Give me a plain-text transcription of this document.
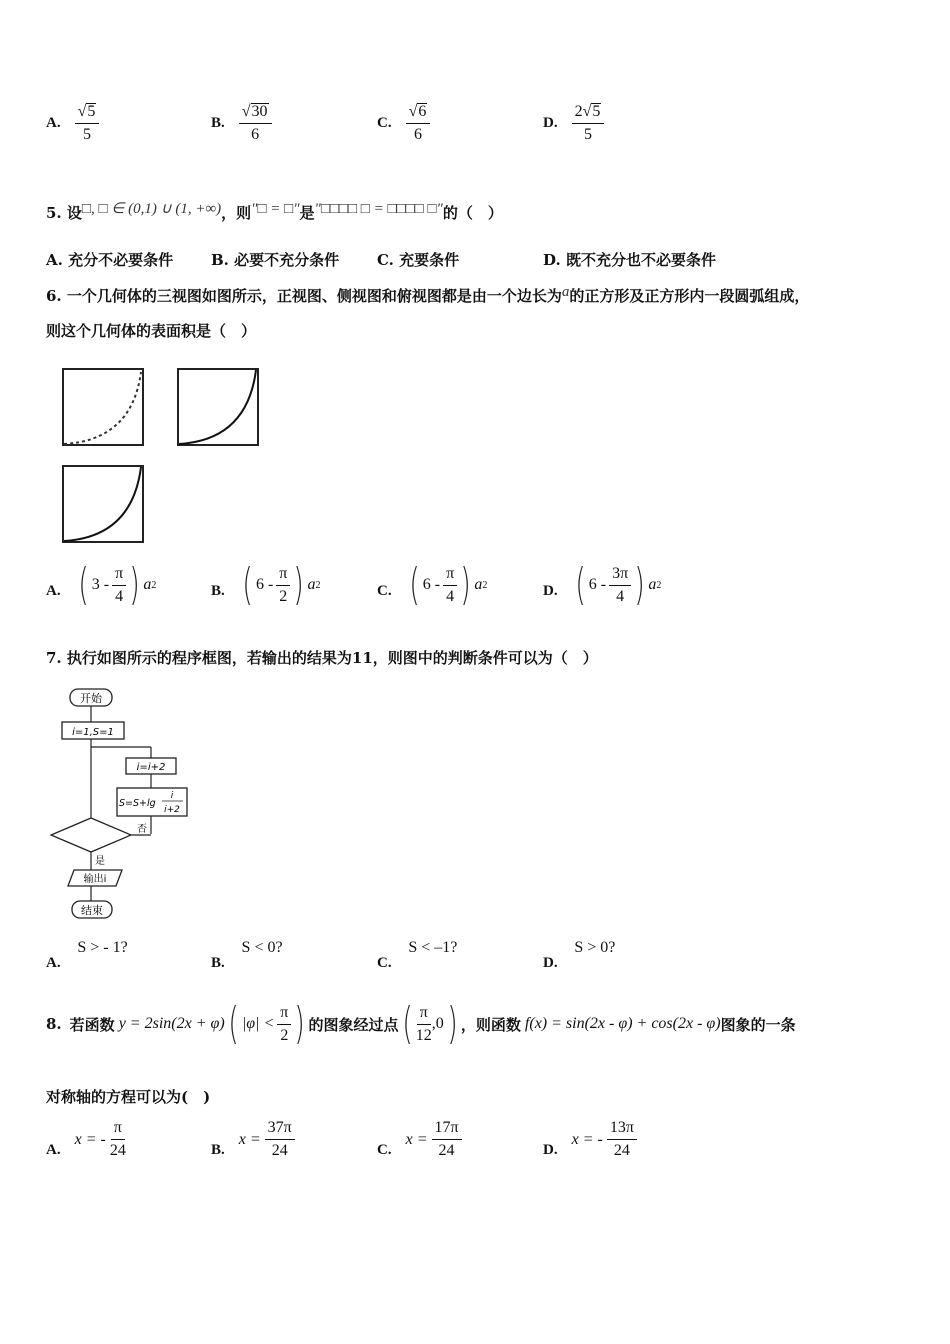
A. $\frac{√ 5}{5}$	B. $\frac{√ 30}{6}$	C. $\frac{√ 6}{6}$	D. $\frac{2 √ 5}{5}$
5. 设□, □ ∈ (0,1) ∪ (1, +∞)，则"□ = □"是"□□□□ □ = □□□□ □"的（　）
A. 充分不必要条件	B. 必要不充分条件	C. 充要条件	D. 既不充分也不必要条件
6. 一个几何体的三视图如图所示，正视图、侧视图和俯视图都是由一个边长为a的正方形及正方形内一段圆弧组成，
则这个几何体的表面积是（　）
A. ( $3 - \frac{\pi}{4}$ ) a 2	B. ( $6 - \frac{\pi}{2}$ ) a 2	C. ( $6 - \frac{\pi}{4}$ ) a 2	D. ( $6 - \frac{3\pi}{4}$ ) a 2
7. 执行如图所示的程序框图，若输出的结果为11，则图中的判断条件可以为（　）
开始
i=1,S=1
i=i+2
S=S+lg
i
i+2
否
是
输出i
结束
A. S > - 1?
B. S < 0?
C. S < –1?
D. S > 0?
8. 若函数 y = 2sin(2x + φ) ( $|\varphi| < \frac{\pi}{2}$ ) 的图象经过点 ( $\frac{\pi}{12} ,0$ ) ，则函数 f(x) = sin(2x - φ) + cos(2x - φ) 图象的一条
对称轴的方程可以为(　)
A.
x = - $\frac{\pi}{24}$	B.
$x = \frac{37\pi}{24}$	C.
$x = \frac{17\pi}{24}$	D.
x = - $\frac{13\pi}{24}$
